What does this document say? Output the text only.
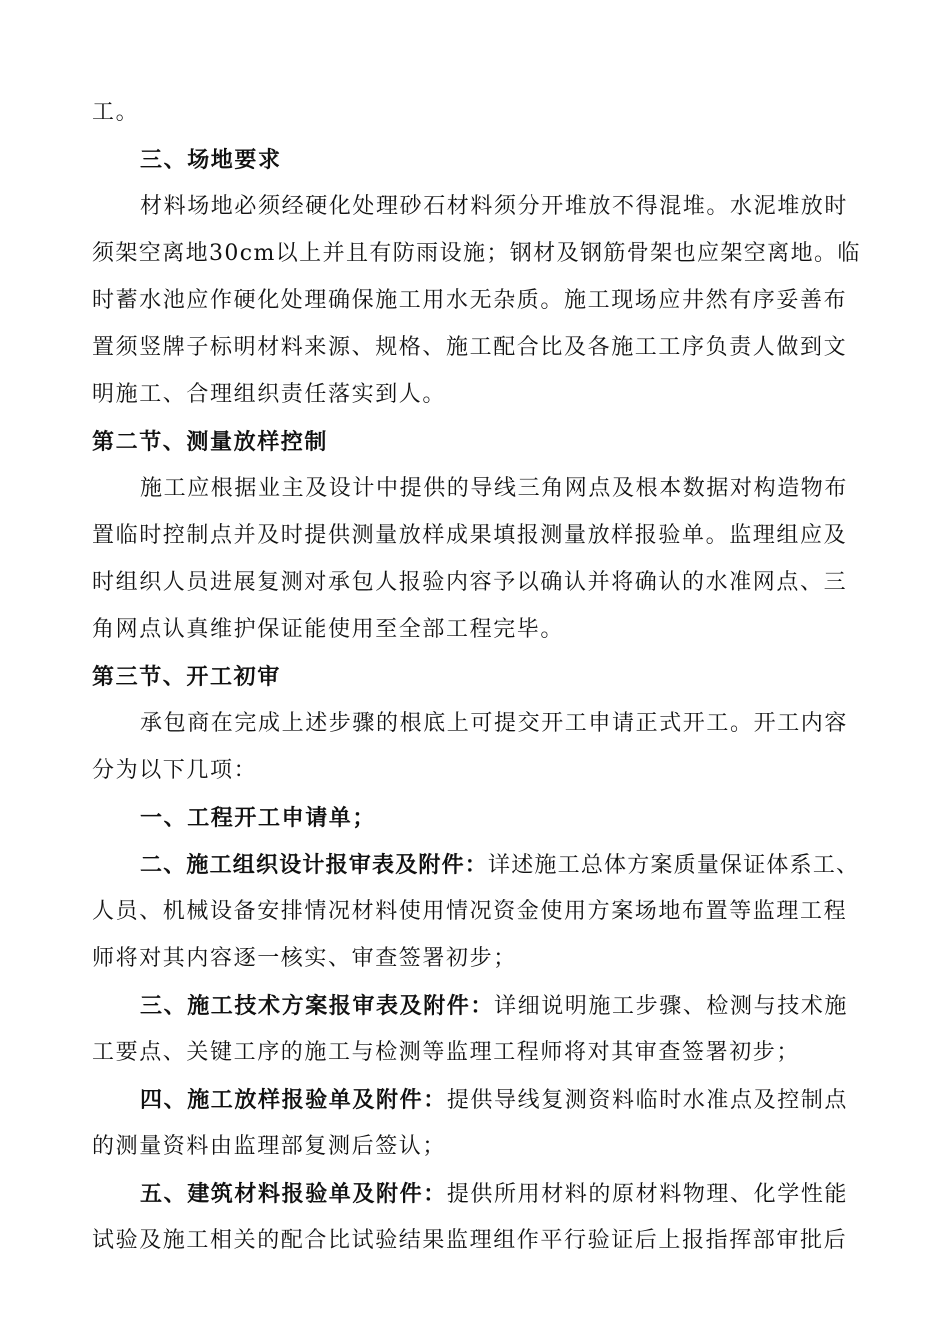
工。
三、场地要求
材料场地必须经硬化处理砂石材料须分开堆放不得混堆。水泥堆放时
须架空离地30cm以上并且有防雨设施；钢材及钢筋骨架也应架空离地。临
时蓄水池应作硬化处理确保施工用水无杂质。施工现场应井然有序妥善布
置须竖牌子标明材料来源、规格、施工配合比及各施工工序负责人做到文
明施工、合理组织责任落实到人。
第二节、测量放样控制
施工应根据业主及设计中提供的导线三角网点及根本数据对构造物布
置临时控制点并及时提供测量放样成果填报测量放样报验单。监理组应及
时组织人员进展复测对承包人报验内容予以确认并将确认的水准网点、三
角网点认真维护保证能使用至全部工程完毕。
第三节、开工初审
承包商在完成上述步骤的根底上可提交开工申请正式开工。开工内容
分为以下几项：
一、工程开工申请单；
二、施工组织设计报审表及附件：详述施工总体方案质量保证体系工、
人员、机械设备安排情况材料使用情况资金使用方案场地布置等监理工程
师将对其内容逐一核实、审查签署初步；
三、施工技术方案报审表及附件：详细说明施工步骤、检测与技术施
工要点、关键工序的施工与检测等监理工程师将对其审查签署初步；
四、施工放样报验单及附件：提供导线复测资料临时水准点及控制点
的测量资料由监理部复测后签认；
五、建筑材料报验单及附件：提供所用材料的原材料物理、化学性能
试验及施工相关的配合比试验结果监理组作平行验证后上报指挥部审批后
